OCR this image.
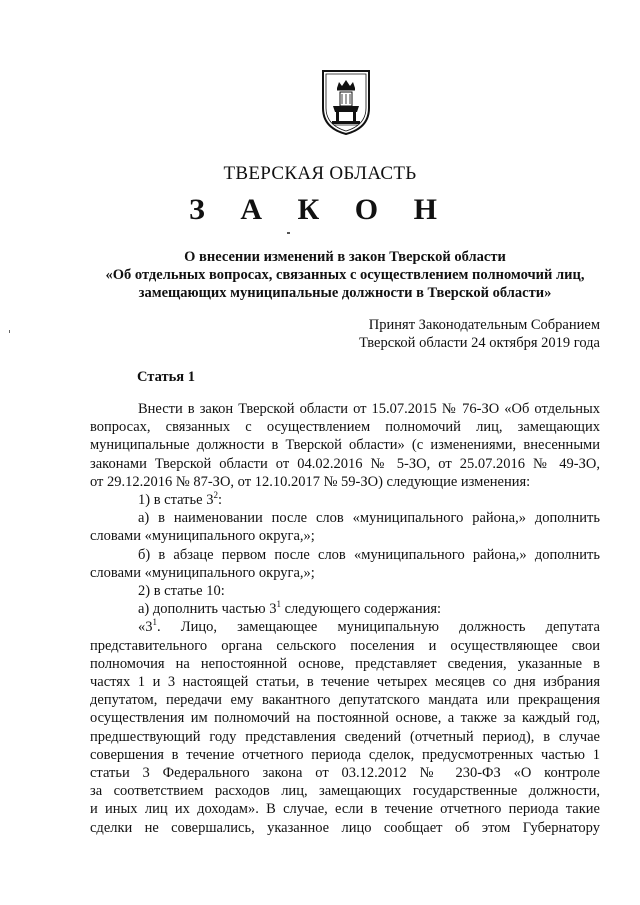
ТВЕРСКАЯ ОБЛАСТЬ
З А К О Н
О внесении изменений в закон Тверской области
«Об отдельных вопросах, связанных с осуществлением полномочий лиц,
замещающих муниципальные должности в Тверской области»
Принят Законодательным Собранием
Тверской области 24 октября 2019 года
Статья 1
Внести в закон Тверской области от 15.07.2015 № 76-ЗО «Об отдельных
вопросах, связанных с осуществлением полномочий лиц, замещающих
муниципальные должности в Тверской области» (с изменениями, внесенными
законами Тверской области от 04.02.2016 № 5-ЗО, от 25.07.2016 № 49-ЗО,
от 29.12.2016 № 87-ЗО, от 12.10.2017 № 59-ЗО) следующие изменения:
1) в статье $3^2$:
а) в наименовании после слов «муниципального района,» дополнить
словами «муниципального округа,»;
б) в абзаце первом после слов «муниципального района,» дополнить
словами «муниципального округа,»;
2) в статье 10:
а) дополнить частью $3^1$ следующего содержания:
«$3^1$. Лицо, замещающее муниципальную должность депутата
представительного органа сельского поселения и осуществляющее свои
полномочия на непостоянной основе, представляет сведения, указанные в
частях 1 и 3 настоящей статьи, в течение четырех месяцев со дня избрания
депутатом, передачи ему вакантного депутатского мандата или прекращения
осуществления им полномочий на постоянной основе, а также за каждый год,
предшествующий году представления сведений (отчетный период), в случае
совершения в течение отчетного периода сделок, предусмотренных частью 1
статьи 3 Федерального закона от 03.12.2012 № 230-ФЗ «О контроле
за соответствием расходов лиц, замещающих государственные должности,
и иных лиц их доходам». В случае, если в течение отчетного периода такие
сделки не совершались, указанное лицо сообщает об этом Губернатору
